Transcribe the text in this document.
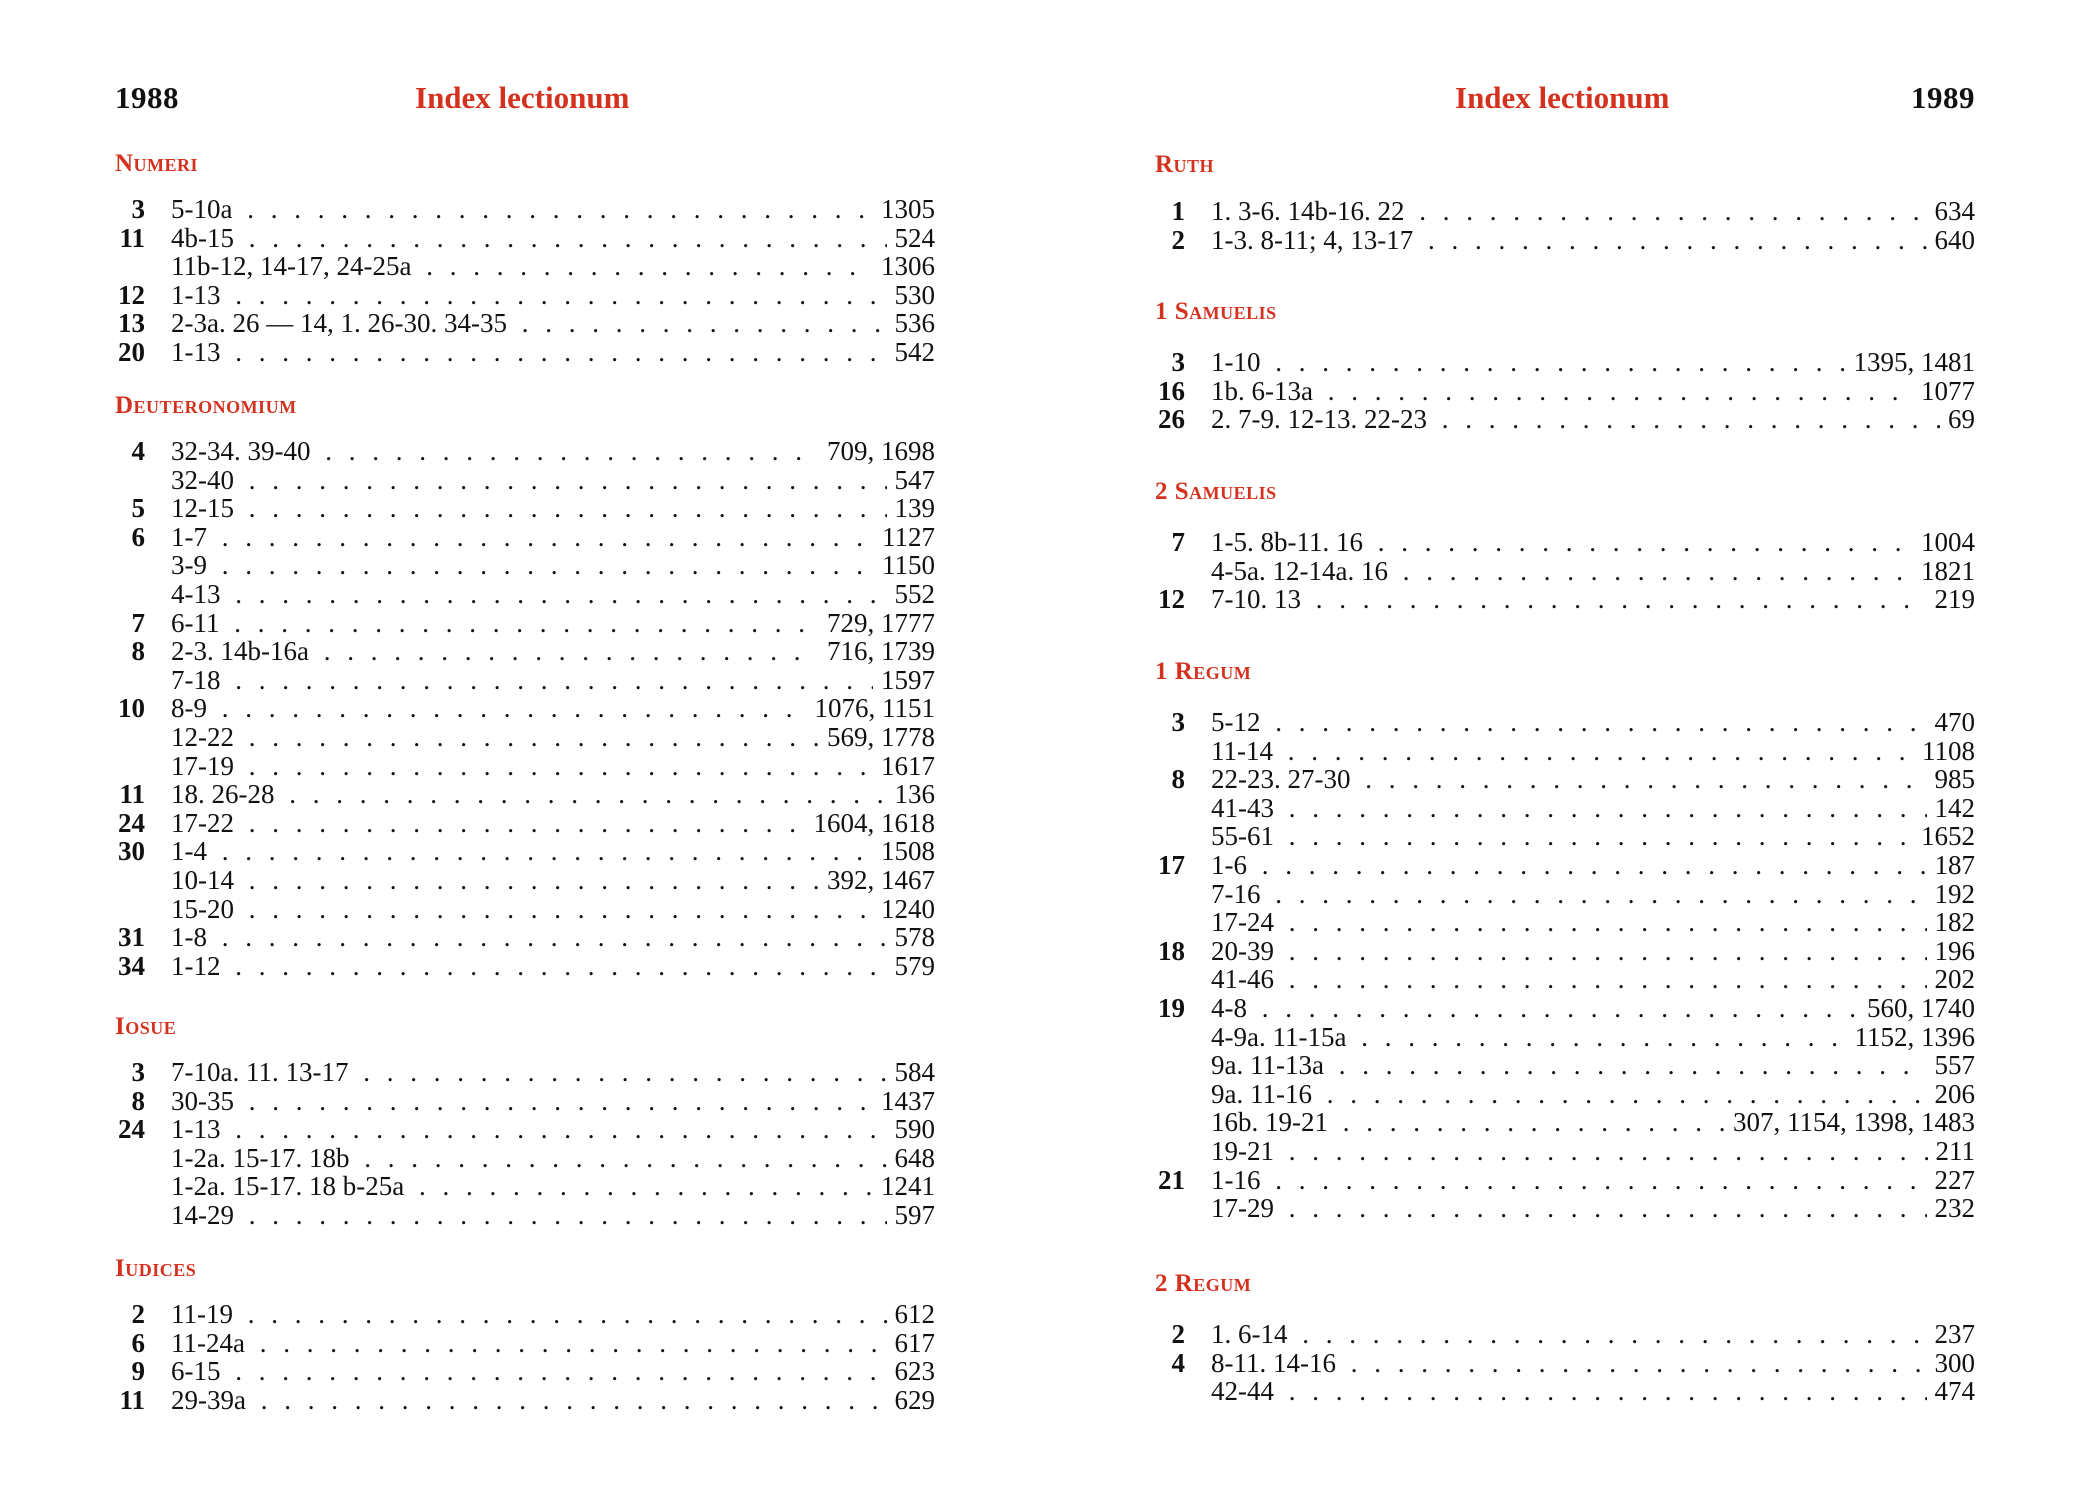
1988	Index lectionum
Numeri
3 5-10a . .	1305
11 4b-15 . .	524
11b-12, 14-17, 24-25a . .	1306
12 1-13 . .	530
13 2-3a. 26 — 14, 1. 26-30. 34-35 . .	536
20 1-13 . .	542
Deuteronomium
4 32-34. 39-40 . .	709, 1698
32-40 . .	547
5 12-15 . .	139
6 1-7 . .	1127
3-9 . .	1150
4-13 . .	552
7 6-11 . .	729, 1777
8 2-3. 14b-16a . .	716, 1739
7-18 . .	1597
10 8-9 . .	1076, 1151
12-22 . .	569, 1778
17-19 . .	1617
11 18. 26-28 . .	136
24 17-22 . .	1604, 1618
30 1-4 . .	1508
10-14 . .	392, 1467
15-20 . .	1240
31 1-8 . .	578
34 1-12 . .	579
Iosue
3 7-10a. 11. 13-17 . .	584
8 30-35 . .	1437
24 1-13 . .	590
1-2a. 15-17. 18b . .	648
1-2a. 15-17. 18 b-25a . .	1241
14-29 . .	597
Iudices
2 11-19 . .	612
6 11-24a . .	617
9 6-15 . .	623
11 29-39a . .	629
Index lectionum	1989
Ruth
1 1. 3-6. 14b-16. 22 . .	634
2 1-3. 8-11; 4, 13-17 . .	640
1 Samuelis
3 1-10 . .	1395, 1481
16 1b. 6-13a . .	1077
26 2. 7-9. 12-13. 22-23 . .	69
2 Samuelis
7 1-5. 8b-11. 16 . .	1004
4-5a. 12-14a. 16 . .	1821
12 7-10. 13 . .	219
1 Regum
3 5-12 . .	470
11-14 . .	1108
8 22-23. 27-30 . .	985
41-43 . .	142
55-61 . .	1652
17 1-6 . .	187
7-16 . .	192
17-24 . .	182
18 20-39 . .	196
41-46 . .	202
19 4-8 . .	560, 1740
4-9a. 11-15a . .	1152, 1396
9a. 11-13a . .	557
9a. 11-16 . .	206
16b. 19-21 . .	307, 1154, 1398, 1483
19-21 . .	211
21 1-16 . .	227
17-29 . .	232
2 Regum
2 1. 6-14 . .	237
4 8-11. 14-16 . .	300
42-44 . .	474
